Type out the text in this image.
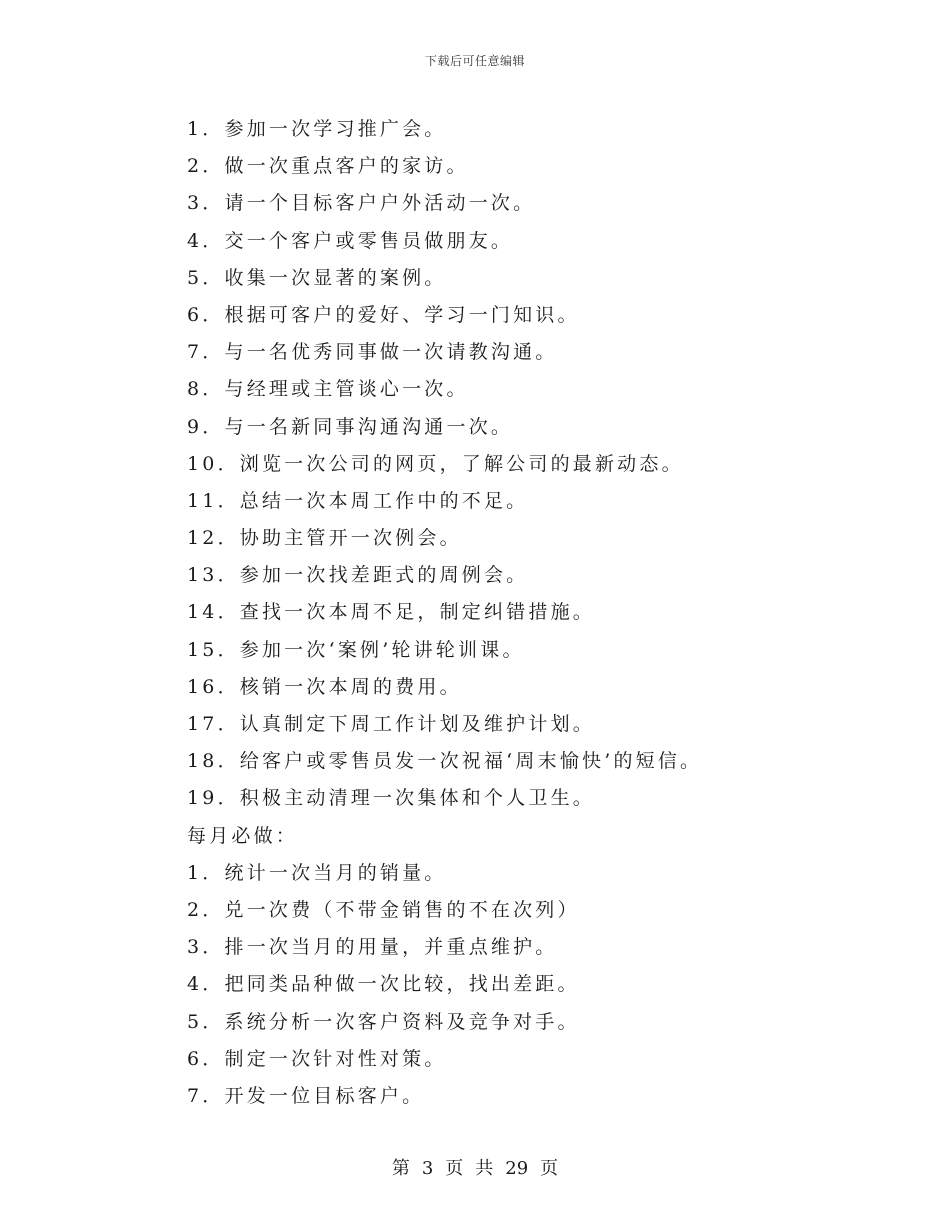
下载后可任意编辑
1．参加一次学习推广会。
2．做一次重点客户的家访。
3．请一个目标客户户外活动一次。
4．交一个客户或零售员做朋友。
5．收集一次显著的案例。
6．根据可客户的爱好、学习一门知识。
7．与一名优秀同事做一次请教沟通。
8．与经理或主管谈心一次。
9．与一名新同事沟通沟通一次。
10．浏览一次公司的网页，了解公司的最新动态。
11．总结一次本周工作中的不足。
12．协助主管开一次例会。
13．参加一次找差距式的周例会。
14．查找一次本周不足，制定纠错措施。
15．参加一次‘案例’轮讲轮训课。
16．核销一次本周的费用。
17．认真制定下周工作计划及维护计划。
18．给客户或零售员发一次祝福‘周末愉快’的短信。
19．积极主动清理一次集体和个人卫生。
每月必做：
1．统计一次当月的销量。
2．兑一次费（不带金销售的不在次列）
3．排一次当月的用量，并重点维护。
4．把同类品种做一次比较，找出差距。
5．系统分析一次客户资料及竞争对手。
6．制定一次针对性对策。
7．开发一位目标客户。
第 3 页 共 29 页
